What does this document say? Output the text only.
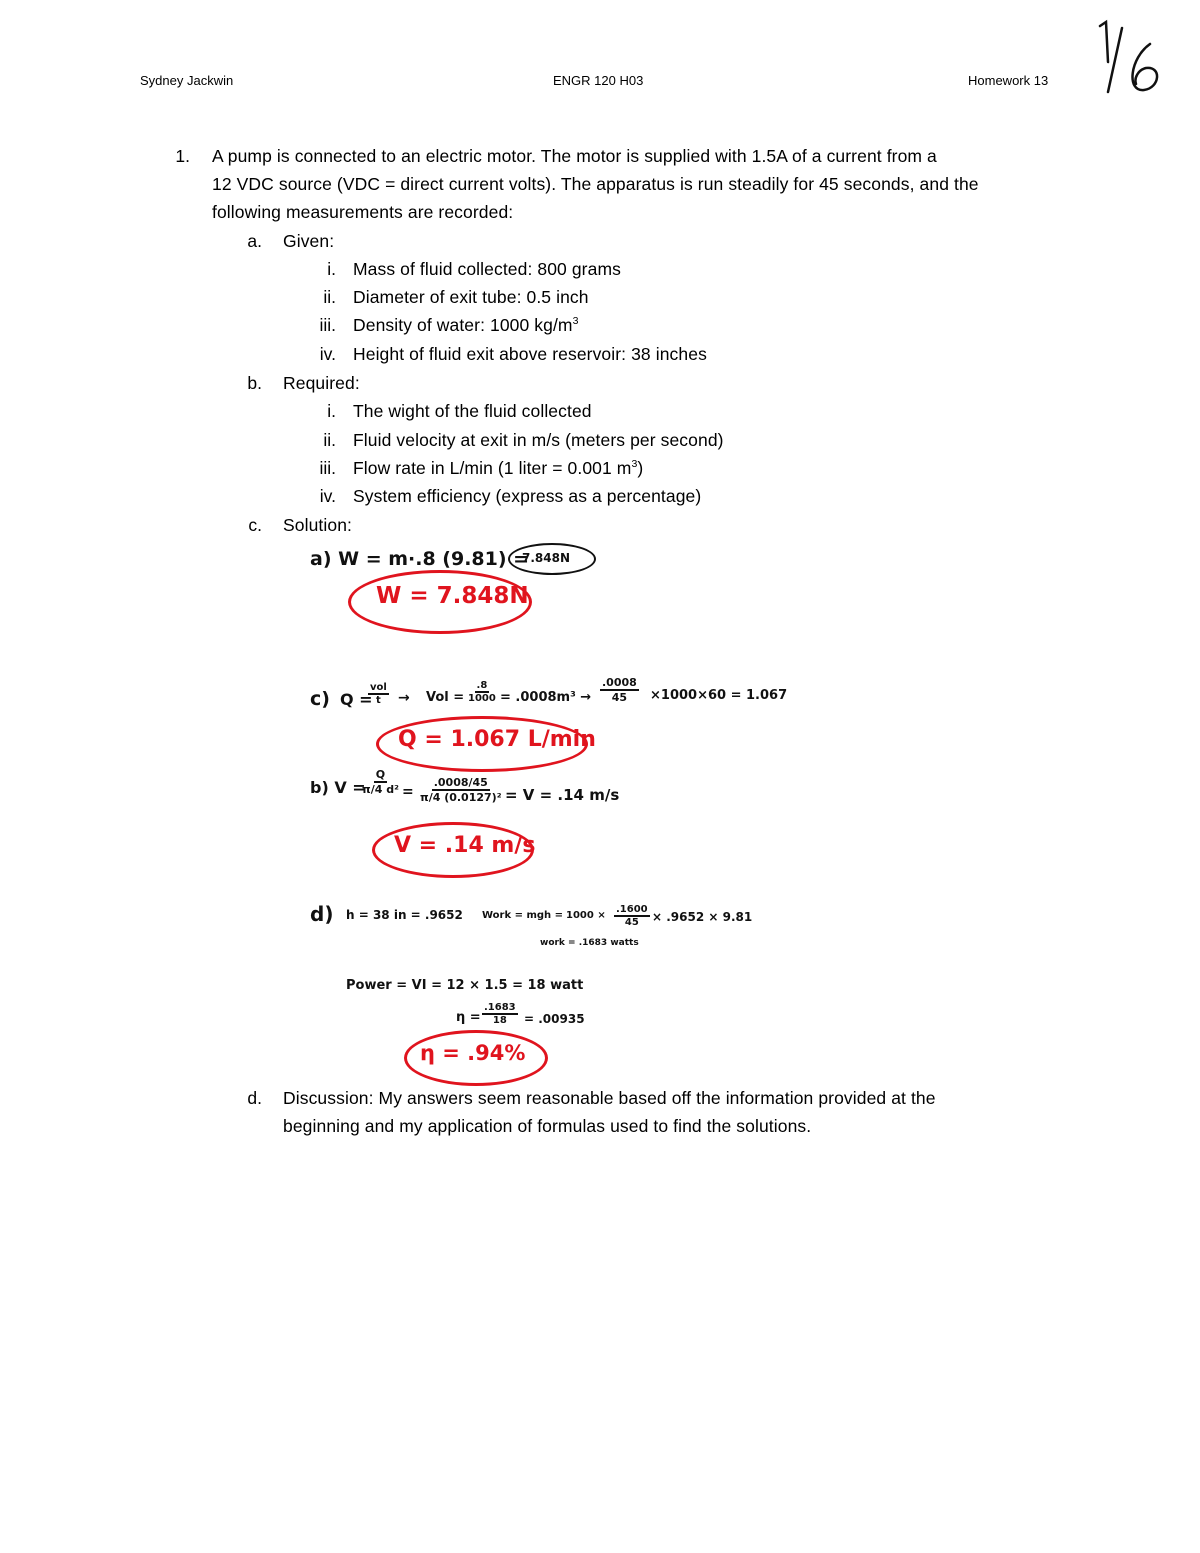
Sydney Jackwin	ENGR 120 H03	Homework 13
1. A pump is connected to an electric motor. The motor is supplied with 1.5A of a current from a
12 VDC source (VDC = direct current volts). The apparatus is run steadily for 45 seconds, and the
following measurements are recorded:
a. Given:
i. Mass of fluid collected: 800 grams
ii. Diameter of exit tube: 0.5 inch
iii. Density of water: 1000 $kg/m^3$
iv. Height of fluid exit above reservoir: 38 inches
b. Required:
i. The wight of the fluid collected
ii. Fluid velocity at exit in m/s (meters per second)
iii. Flow rate in L/min (1 liter = 0.001 $m^3$)
iv. System efficiency (express as a percentage)
c. Solution:
a) W = m·.8 (9.81) =
7.848N
W = 7.848N
c) Q =
vol
t → Vol = $\frac{.8}{1000} = .0008m^3 \to \frac{.0008}{45} \times 1000\times 60 = 1.067$
Q = 1.067 L/min
b) V =
$\frac{Q}{\text{π/4 d²}} = \frac{.0008/45}{\text{π/4 (0.0127)²}} = V = .14$ m/s
V = .14 m/s
d) h = 38 in = .9652 Work = mgh = $1000 \times \frac{.1600}{45} \times .9652 \times 9.81$
work = .1683 watts
Power = VI = 12 × 1.5 = 18 watt
$\eta = \frac{.1683}{18} = .00935$
η = .94%
d. Discussion: My answers seem reasonable based off the information provided at the
beginning and my application of formulas used to find the solutions.
